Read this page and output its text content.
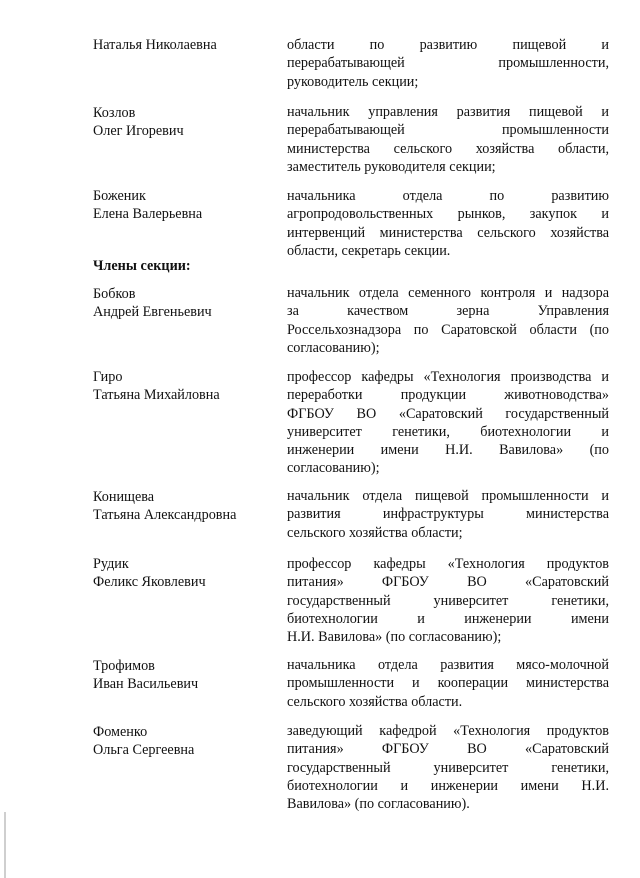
Наталья Николаевна	области по развитию пищевой и
перерабатывающей промышленности,
руководитель секции;
Козлов
Олег Игоревич
начальник управления развития пищевой и
перерабатывающей промышленности
министерства сельского хозяйства области,
заместитель руководителя секции;
Боженик
Елена Валерьевна
начальника отдела по развитию
агропродовольственных рынков, закупок и
интервенций министерства сельского хозяйства
области, секретарь секции.
Члены секции:
Бобков
Андрей Евгеньевич
начальник отдела семенного контроля и надзора
за качеством зерна Управления
Россельхознадзора по Саратовской области (по
согласованию);
Гиро
Татьяна Михайловна
профессор кафедры «Технология производства и
переработки продукции животноводства»
ФГБОУ ВО «Саратовский государственный
университет генетики, биотехнологии и
инженерии имени Н.И. Вавилова» (по
согласованию);
Конищева
Татьяна Александровна
начальник отдела пищевой промышленности и
развития инфраструктуры министерства
сельского хозяйства области;
Рудик
Феликс Яковлевич
профессор кафедры «Технология продуктов
питания» ФГБОУ ВО «Саратовский
государственный университет генетики,
биотехнологии и инженерии имени
Н.И. Вавилова» (по согласованию);
Трофимов
Иван Васильевич
начальника отдела развития мясо-молочной
промышленности и кооперации министерства
сельского хозяйства области.
Фоменко
Ольга Сергеевна
заведующий кафедрой «Технология продуктов
питания» ФГБОУ ВО «Саратовский
государственный университет генетики,
биотехнологии и инженерии имени Н.И.
Вавилова» (по согласованию).
